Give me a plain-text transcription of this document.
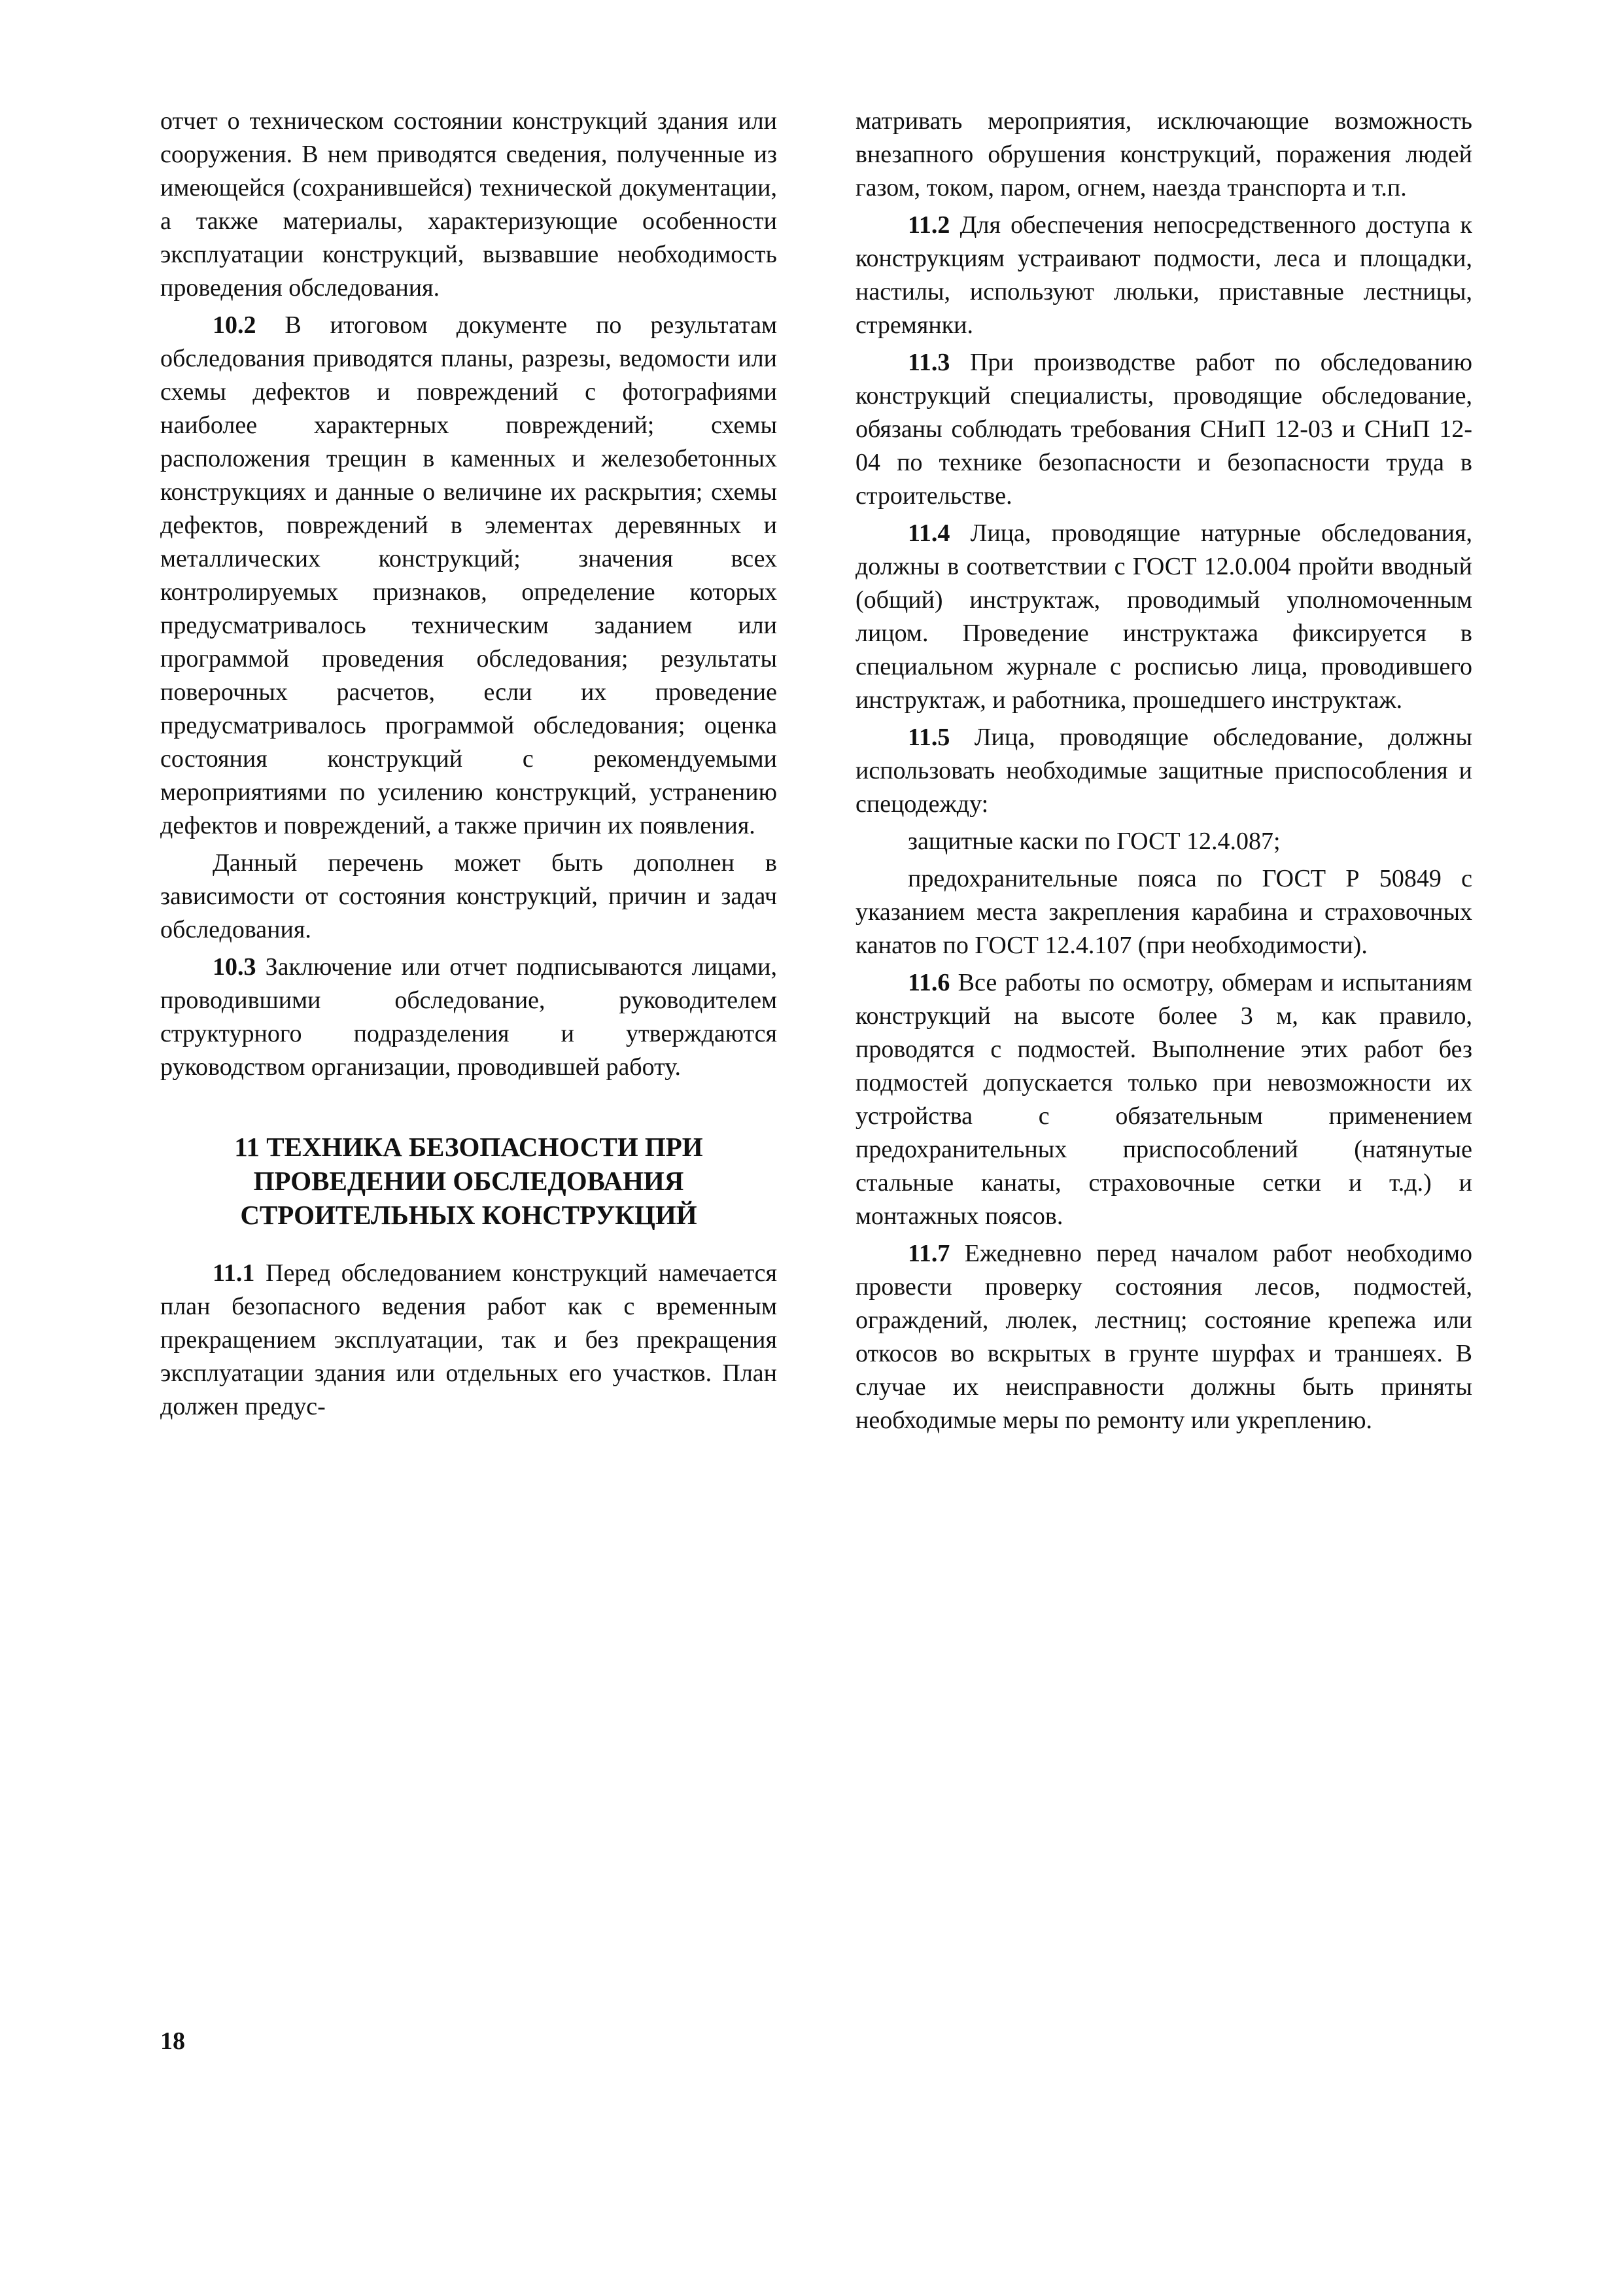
отчет о техническом состоянии конструкций здания или сооружения. В нем приводятся сведения, полученные из имеющейся (сохранившейся) технической документации, а также материалы, характеризующие особенности эксплуатации конструкций, вызвавшие необходимость проведения обследования.

10.2 В итоговом документе по результатам обследования приводятся планы, разрезы, ведомости или схемы дефектов и повреждений с фотографиями наиболее характерных повреждений; схемы расположения трещин в каменных и железобетонных конструкциях и данные о величине их раскрытия; схемы дефектов, повреждений в элементах деревянных и металлических конструкций; значения всех контролируемых признаков, определение которых предусматривалось техническим заданием или программой проведения обследования; результаты поверочных расчетов, если их проведение предусматривалось программой обследования; оценка состояния конструкций с рекомендуемыми мероприятиями по усилению конструкций, устранению дефектов и повреждений, а также причин их появления.

Данный перечень может быть дополнен в зависимости от состояния конструкций, причин и задач обследования.

10.3 Заключение или отчет подписываются лицами, проводившими обследование, руководителем структурного подразделения и утверждаются руководством организации, проводившей работу.

11 ТЕХНИКА БЕЗОПАСНОСТИ ПРИ
ПРОВЕДЕНИИ ОБСЛЕДОВАНИЯ
СТРОИТЕЛЬНЫХ КОНСТРУКЦИЙ

11.1 Перед обследованием конструкций намечается план безопасного ведения работ как с временным прекращением эксплуатации, так и без прекращения эксплуатации здания или отдельных его участков. План должен предус-

матривать мероприятия, исключающие возможность внезапного обрушения конструкций, поражения людей газом, током, паром, огнем, наезда транспорта и т.п.

11.2 Для обеспечения непосредственного доступа к конструкциям устраивают подмости, леса и площадки, настилы, используют люльки, приставные лестницы, стремянки.

11.3 При производстве работ по обследованию конструкций специалисты, проводящие обследование, обязаны соблюдать требования СНиП 12-03 и СНиП 12-04 по технике безопасности и безопасности труда в строительстве.

11.4 Лица, проводящие натурные обследования, должны в соответствии с ГОСТ 12.0.004 пройти вводный (общий) инструктаж, проводимый уполномоченным лицом. Проведение инструктажа фиксируется в специальном журнале с росписью лица, проводившего инструктаж, и работника, прошедшего инструктаж.

11.5 Лица, проводящие обследование, должны использовать необходимые защитные приспособления и спецодежду:

защитные каски по ГОСТ 12.4.087;

предохранительные пояса по ГОСТ Р 50849 с указанием места закрепления карабина и страховочных канатов по ГОСТ 12.4.107 (при необходимости).

11.6 Все работы по осмотру, обмерам и испытаниям конструкций на высоте более 3 м, как правило, проводятся с подмостей. Выполнение этих работ без подмостей допускается только при невозможности их устройства с обязательным применением предохранительных приспособлений (натянутые стальные канаты, страховочные сетки и т.д.) и монтажных поясов.

11.7 Ежедневно перед началом работ необходимо провести проверку состояния лесов, подмостей, ограждений, люлек, лестниц; состояние крепежа или откосов во вскрытых в грунте шурфах и траншеях. В случае их неисправности должны быть приняты необходимые меры по ремонту или укреплению.

18
